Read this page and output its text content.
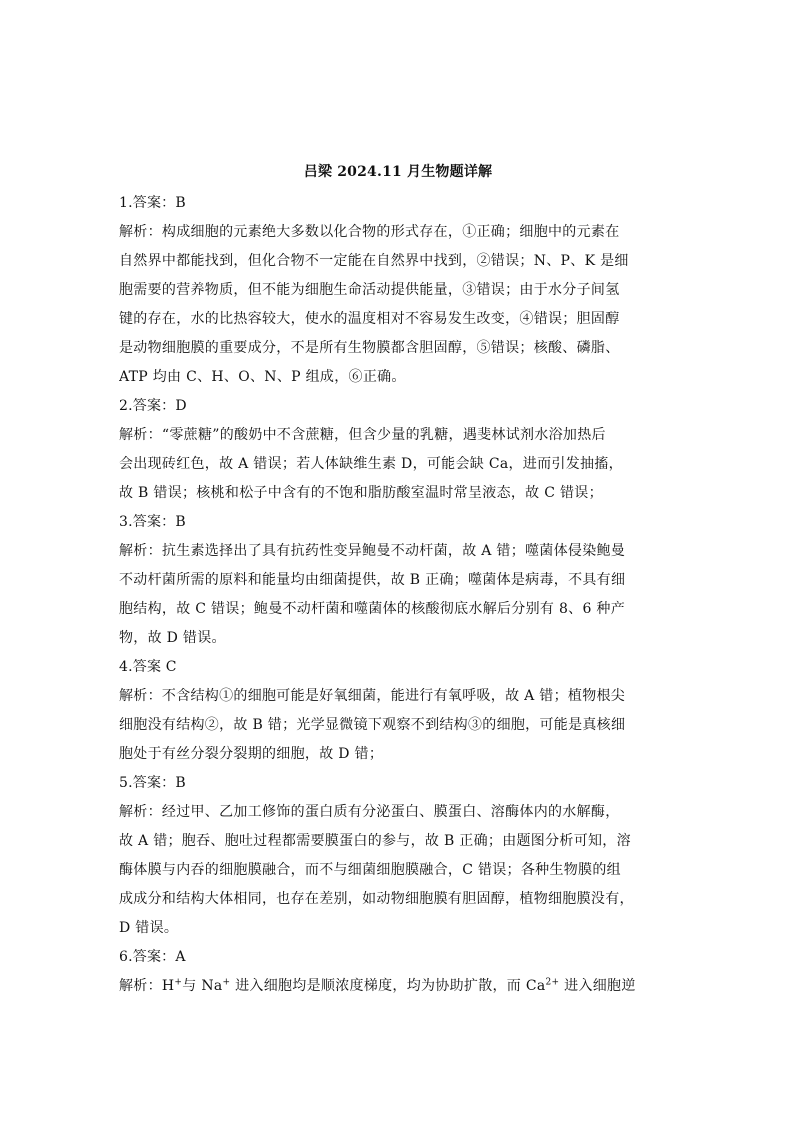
吕梁 2024.11 月生物题详解
1.答案：B
解析：构成细胞的元素绝大多数以化合物的形式存在，①正确；细胞中的元素在
自然界中都能找到，但化合物不一定能在自然界中找到，②错误；N、P、K 是细
胞需要的营养物质，但不能为细胞生命活动提供能量，③错误；由于水分子间氢
键的存在，水的比热容较大，使水的温度相对不容易发生改变，④错误；胆固醇
是动物细胞膜的重要成分，不是所有生物膜都含胆固醇，⑤错误；核酸、磷脂、
ATP 均由 C、H、O、N、P 组成，⑥正确。
2.答案：D
解析：“零蔗糖”的酸奶中不含蔗糖，但含少量的乳糖，遇斐林试剂水浴加热后
会出现砖红色，故 A 错误；若人体缺维生素 D，可能会缺 Ca，进而引发抽搐，
故 B 错误；核桃和松子中含有的不饱和脂肪酸室温时常呈液态，故 C 错误；
3.答案：B
解析：抗生素选择出了具有抗药性变异鲍曼不动杆菌，故 A 错；噬菌体侵染鲍曼
不动杆菌所需的原料和能量均由细菌提供，故 B 正确；噬菌体是病毒，不具有细
胞结构，故 C 错误；鲍曼不动杆菌和噬菌体的核酸彻底水解后分别有 8、6 种产
物，故 D 错误。
4.答案 C
解析：不含结构①的细胞可能是好氧细菌，能进行有氧呼吸，故 A 错；植物根尖
细胞没有结构②，故 B 错；光学显微镜下观察不到结构③的细胞，可能是真核细
胞处于有丝分裂分裂期的细胞，故 D 错；
5.答案：B
解析：经过甲、乙加工修饰的蛋白质有分泌蛋白、膜蛋白、溶酶体内的水解酶，
故 A 错；胞吞、胞吐过程都需要膜蛋白的参与，故 B 正确；由题图分析可知，溶
酶体膜与内吞的细胞膜融合，而不与细菌细胞膜融合，C 错误；各种生物膜的组
成成分和结构大体相同，也存在差别，如动物细胞膜有胆固醇，植物细胞膜没有，
D 错误。
6.答案：A
解析：H+与 Na+ 进入细胞均是顺浓度梯度，均为协助扩散，而 $Ca^{2+}$ 进入细胞逆
